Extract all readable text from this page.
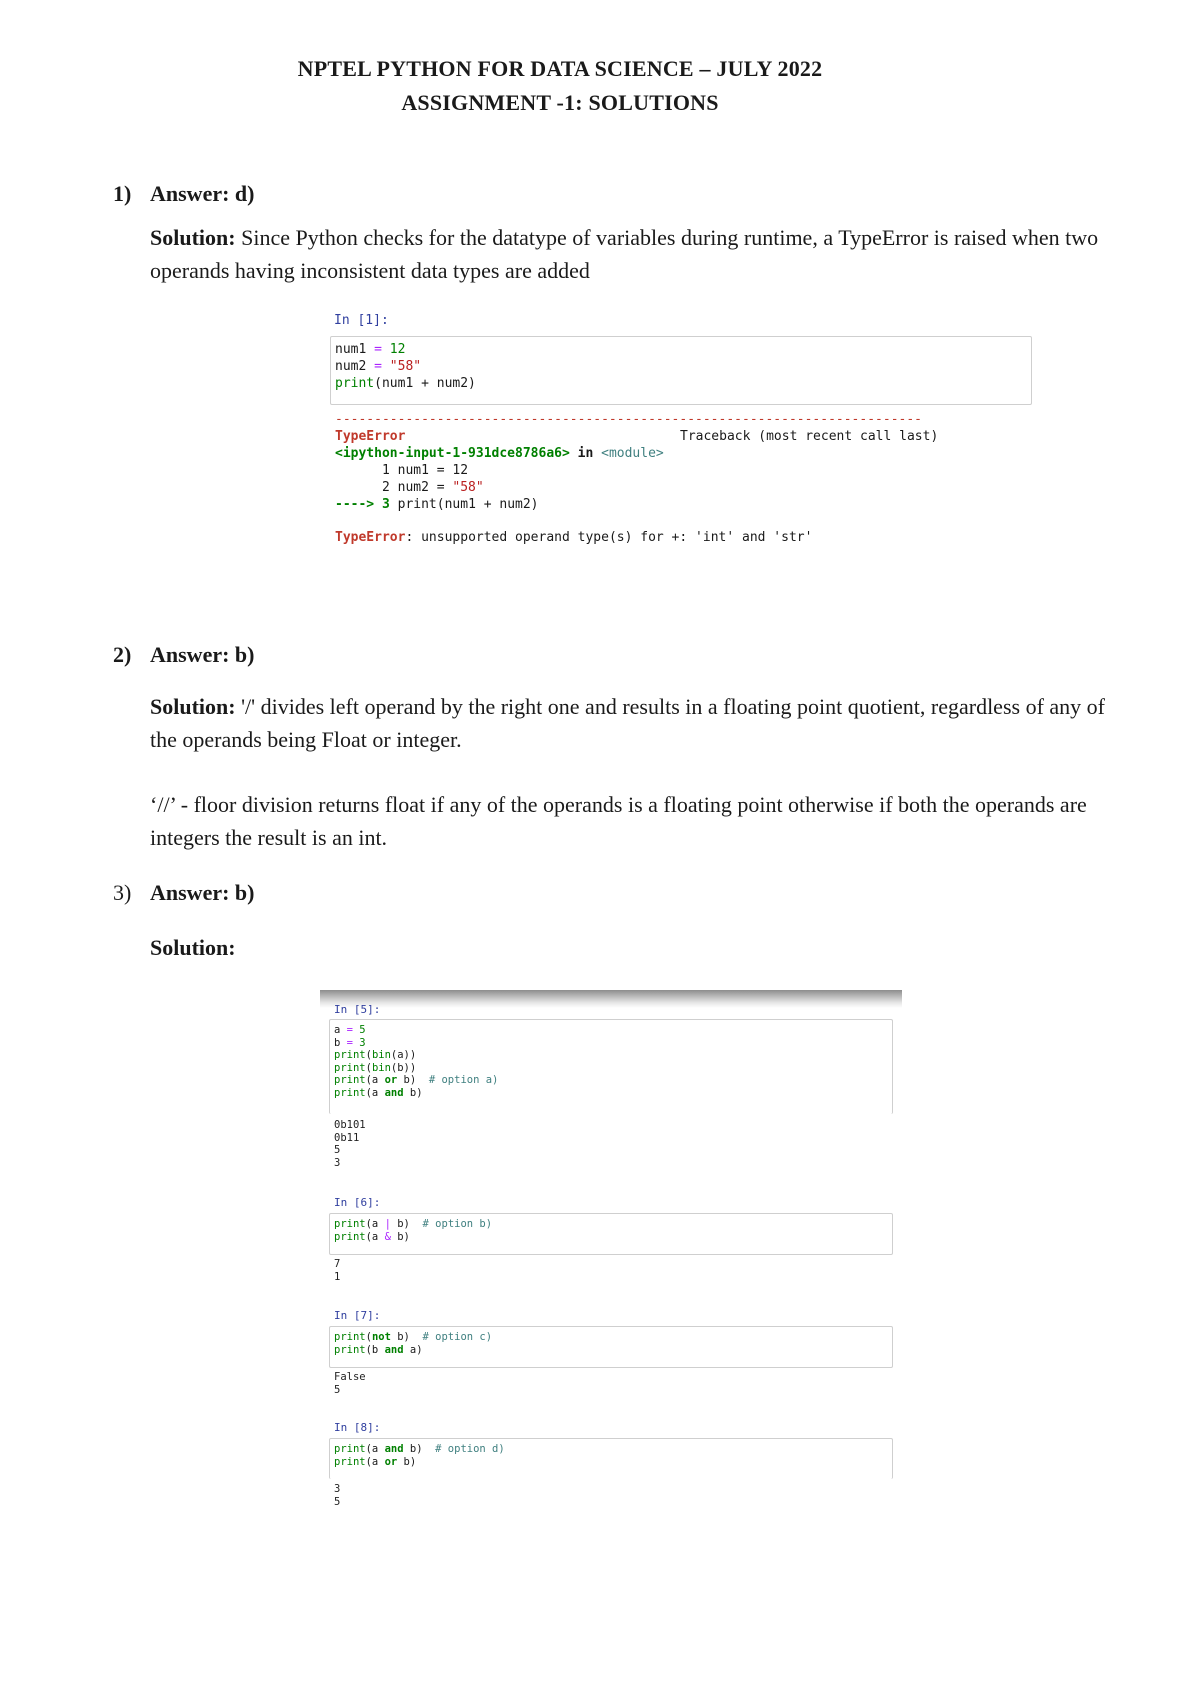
NPTEL PYTHON FOR DATA SCIENCE – JULY 2022
ASSIGNMENT -1: SOLUTIONS
1) Answer: d)
Solution: Since Python checks for the datatype of variables during runtime, a TypeError is raised when two operands having inconsistent data types are added
In [1]:
num1 = 12
num2 = "58"
print(num1 + num2)
---------------------------------------------------------------------------
TypeError	Traceback (most recent call last)
<ipython-input-1-931dce8786a6> in <module>
1 num1 = 12
2 num2 = "58"
----> 3 print(num1 + num2)
TypeError: unsupported operand type(s) for +: 'int' and 'str'
2) Answer: b)
Solution: '/' divides left operand by the right one and results in a floating point quotient, regardless of any of the operands being Float or integer.
‘//’ - floor division returns float if any of the operands is a floating point otherwise if both the operands are integers the result is an int.
3) Answer: b)
Solution:
In [5]:
a = 5
b = 3
print(bin(a))
print(bin(b))
print(a or b)  # option a)
print(a and b)
0b101
0b11
5
3
In [6]:
print(a | b)  # option b)
print(a & b)
7
1
In [7]:
print(not b)  # option c)
print(b and a)
False
5
In [8]:
print(a and b)  # option d)
print(a or b)
3
5
